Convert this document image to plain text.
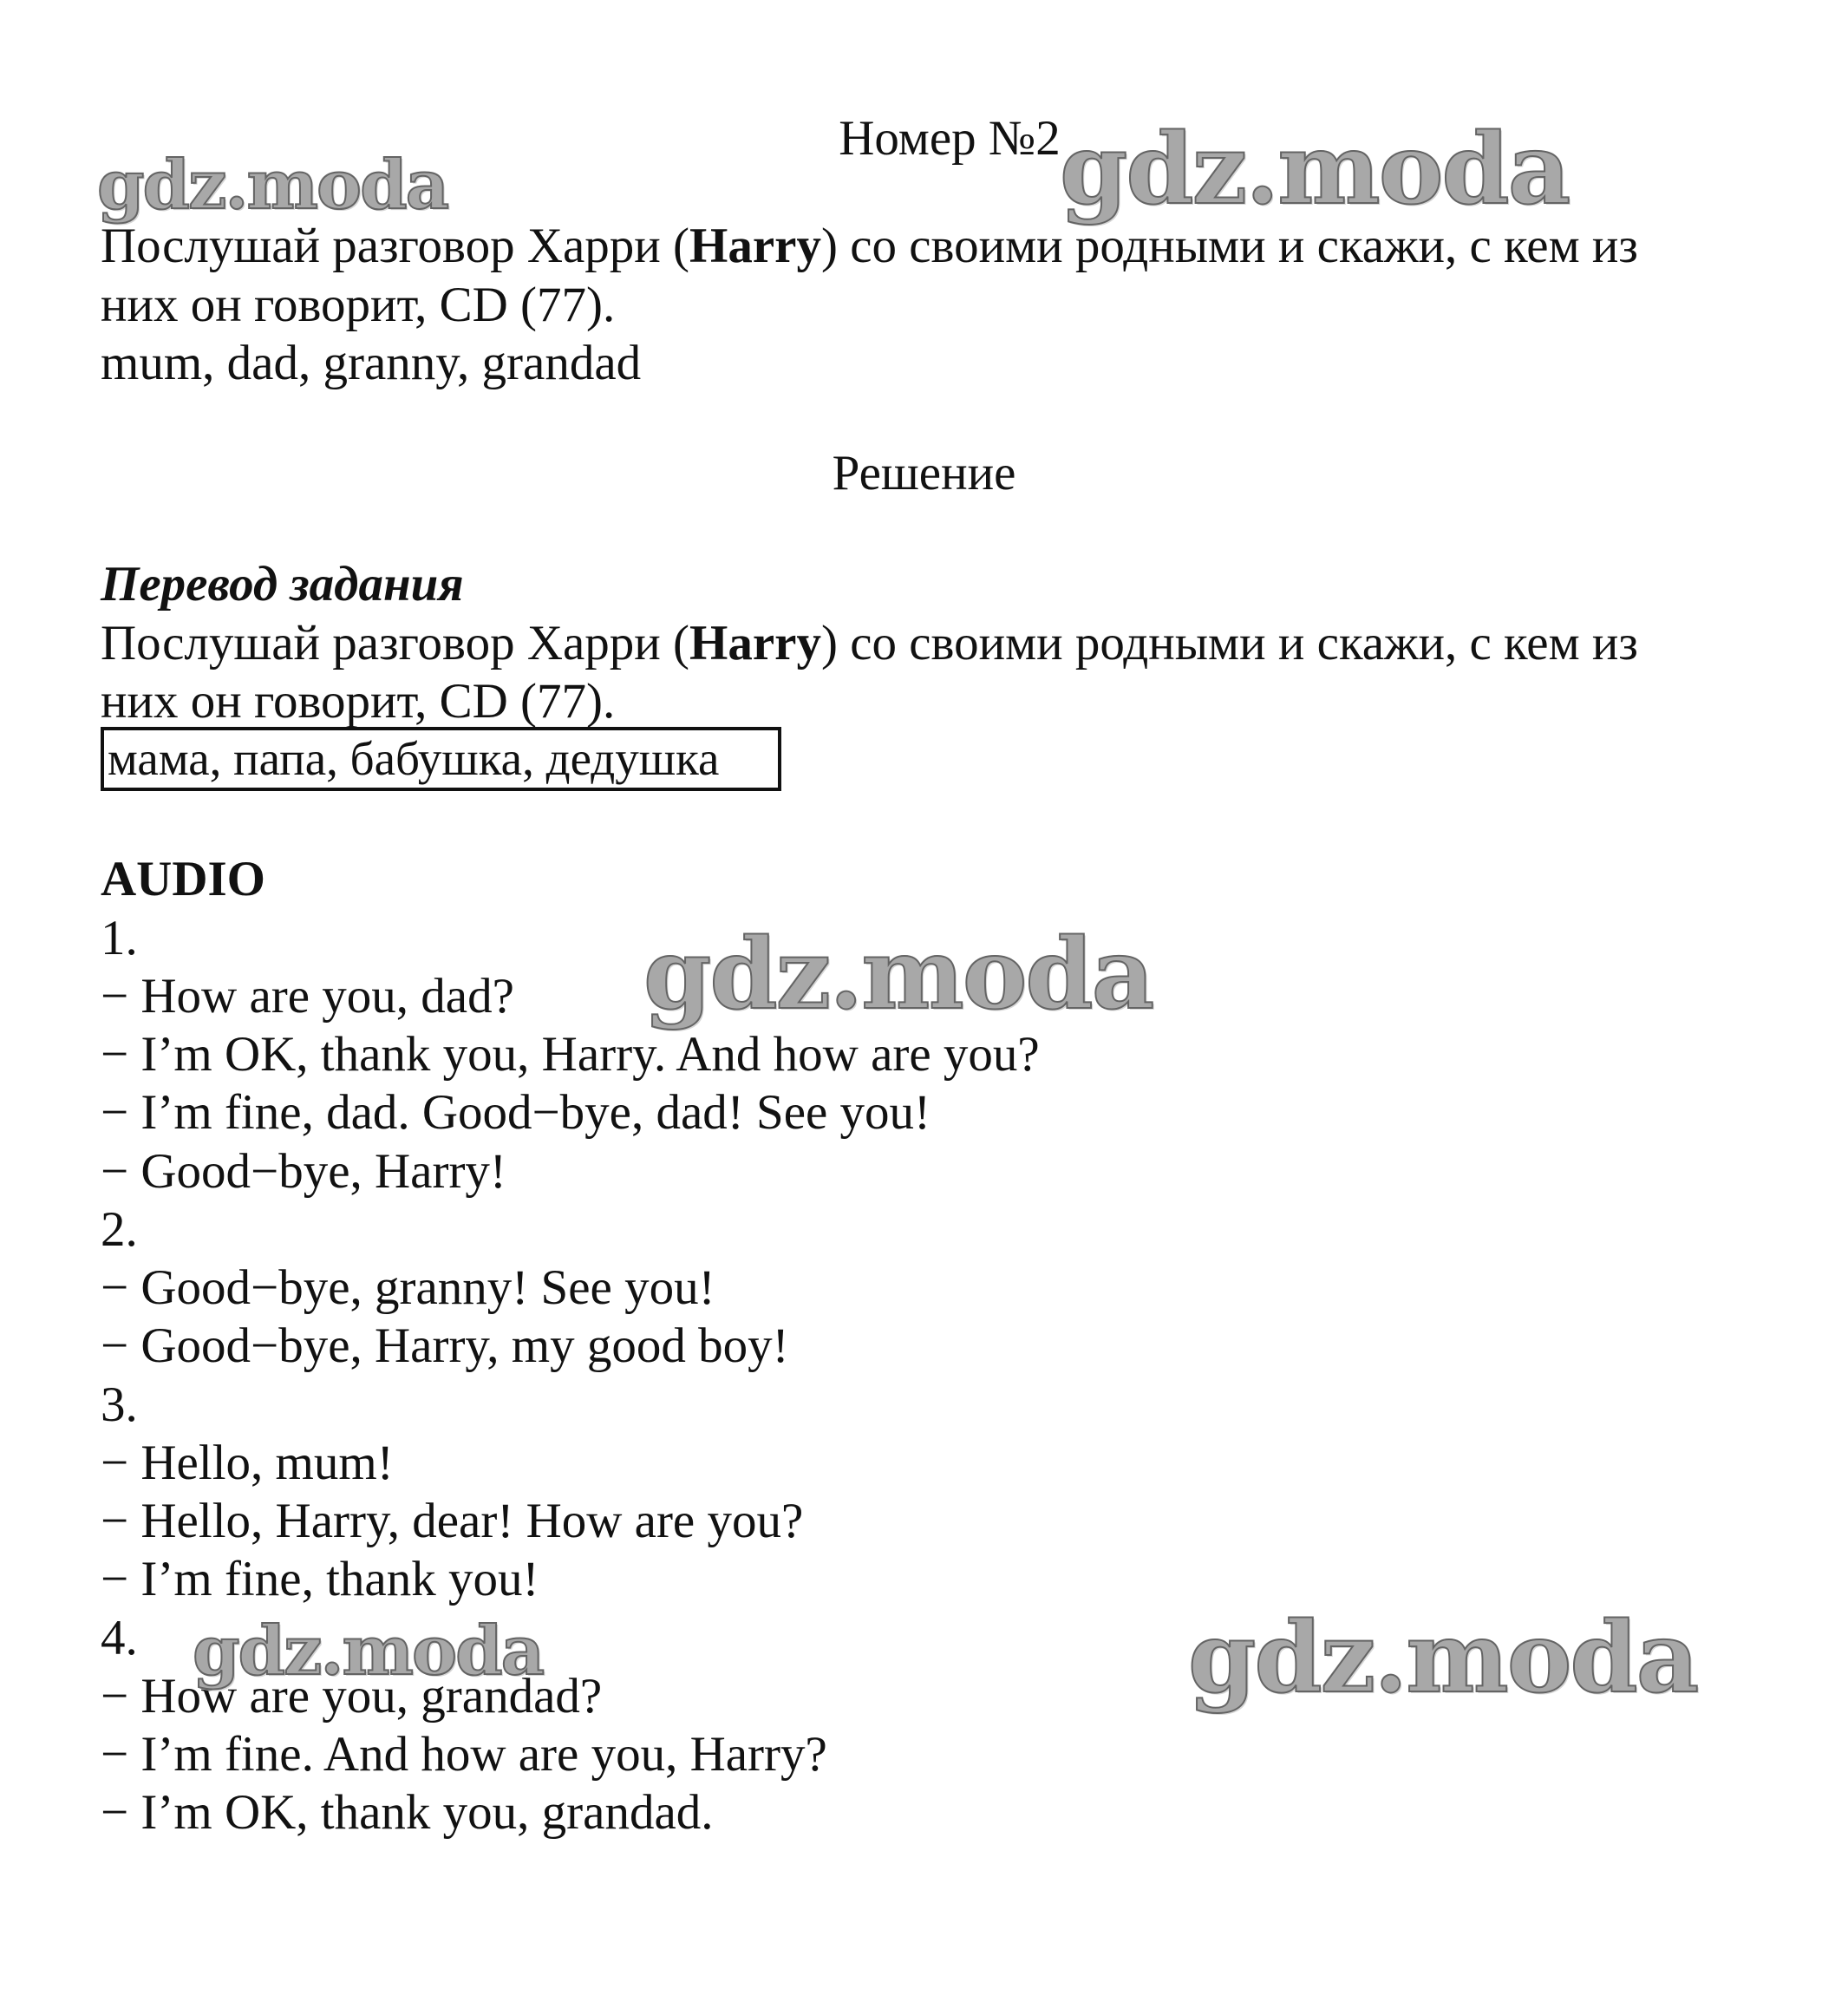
Номер №2
Послушай разговор Харри (Harry) со своими родными и скажи, с кем из
них он говорит, CD (77).
mum, dad, granny, grandad
Решение
Перевод задания
Послушай разговор Харри (Harry) со своими родными и скажи, с кем из
них он говорит, CD (77).
мама, папа, бабушка, дедушка
AUDIO
1.
− How are you, dad?
− I’m OK, thank you, Harry. And how are you?
− I’m fine, dad. Good−bye, dad! See you!
− Good−bye, Harry!
2.
− Good−bye, granny! See you!
− Good−bye, Harry, my good boy!
3.
− Hello, mum!
− Hello, Harry, dear! How are you?
− I’m fine, thank you!
4.
− How are you, grandad?
− I’m fine. And how are you, Harry?
− I’m OK, thank you, grandad.
gdz.moda	gdz.moda
gdz.moda
gdz.moda	gdz.moda
